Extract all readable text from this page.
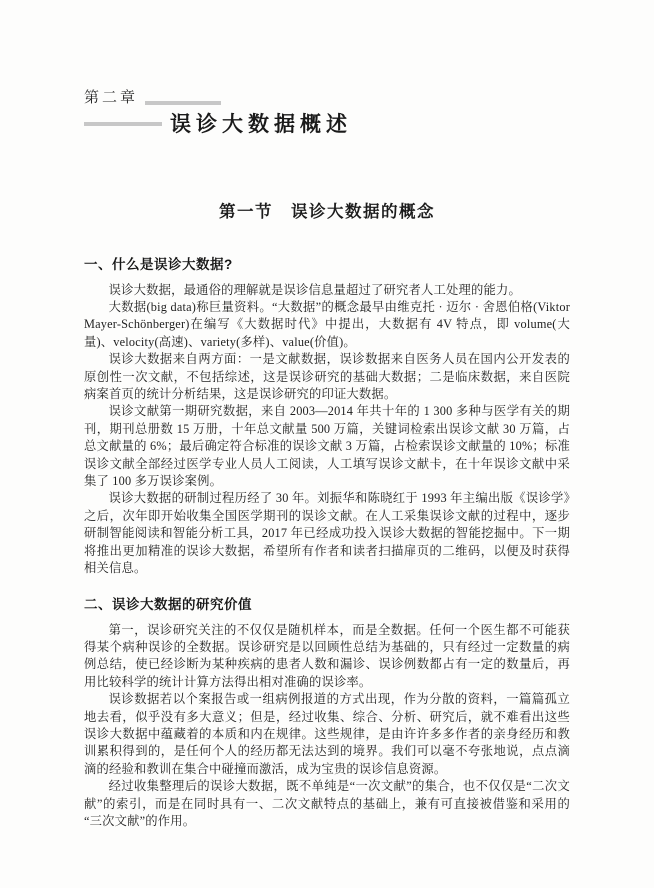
第二章
误诊大数据概述
第一节　误诊大数据的概念
一、什么是误诊大数据?

误诊大数据，最通俗的理解就是误诊信息量超过了研究者人工处理的能力。

大数据(big data)称巨量资料。“大数据”的概念最早由维克托 · 迈尔 · 舍恩伯格(Viktor Mayer-Schönberger)在编写《大数据时代》中提出，大数据有 4V 特点，即 volume(大量)、velocity(高速)、variety(多样)、value(价值)。

误诊大数据来自两方面：一是文献数据，误诊数据来自医务人员在国内公开发表的原创性一次文献，不包括综述，这是误诊研究的基础大数据；二是临床数据，来自医院病案首页的统计分析结果，这是误诊研究的印证大数据。

误诊文献第一期研究数据，来自 2003—2014 年共十年的 1 300 多种与医学有关的期刊，期刊总册数 15 万册，十年总文献量 500 万篇，关键词检索出误诊文献 30 万篇，占总文献量的 6%；最后确定符合标准的误诊文献 3 万篇，占检索误诊文献量的 10%；标准误诊文献全部经过医学专业人员人工阅读，人工填写误诊文献卡，在十年误诊文献中采集了 100 多万误诊案例。

误诊大数据的研制过程历经了 30 年。刘振华和陈晓红于 1993 年主编出版《误诊学》之后，次年即开始收集全国医学期刊的误诊文献。在人工采集误诊文献的过程中，逐步研制智能阅读和智能分析工具，2017 年已经成功投入误诊大数据的智能挖掘中。下一期将推出更加精准的误诊大数据，希望所有作者和读者扫描扉页的二维码，以便及时获得相关信息。

二、误诊大数据的研究价值

第一，误诊研究关注的不仅仅是随机样本，而是全数据。任何一个医生都不可能获得某个病种误诊的全数据。误诊研究是以回顾性总结为基础的，只有经过一定数量的病例总结，使已经诊断为某种疾病的患者人数和漏诊、误诊例数都占有一定的数量后，再用比较科学的统计计算方法得出相对准确的误诊率。

误诊数据若以个案报告或一组病例报道的方式出现，作为分散的资料，一篇篇孤立地去看，似乎没有多大意义；但是，经过收集、综合、分析、研究后，就不难看出这些误诊大数据中蕴藏着的本质和内在规律。这些规律，是由许许多多作者的亲身经历和教训累积得到的，是任何个人的经历都无法达到的境界。我们可以毫不夸张地说，点点滴滴的经验和教训在集合中碰撞而激活，成为宝贵的误诊信息资源。

经过收集整理后的误诊大数据，既不单纯是“一次文献”的集合，也不仅仅是“二次文献”的索引，而是在同时具有一、二次文献特点的基础上，兼有可直接被借鉴和采用的“三次文献”的作用。
